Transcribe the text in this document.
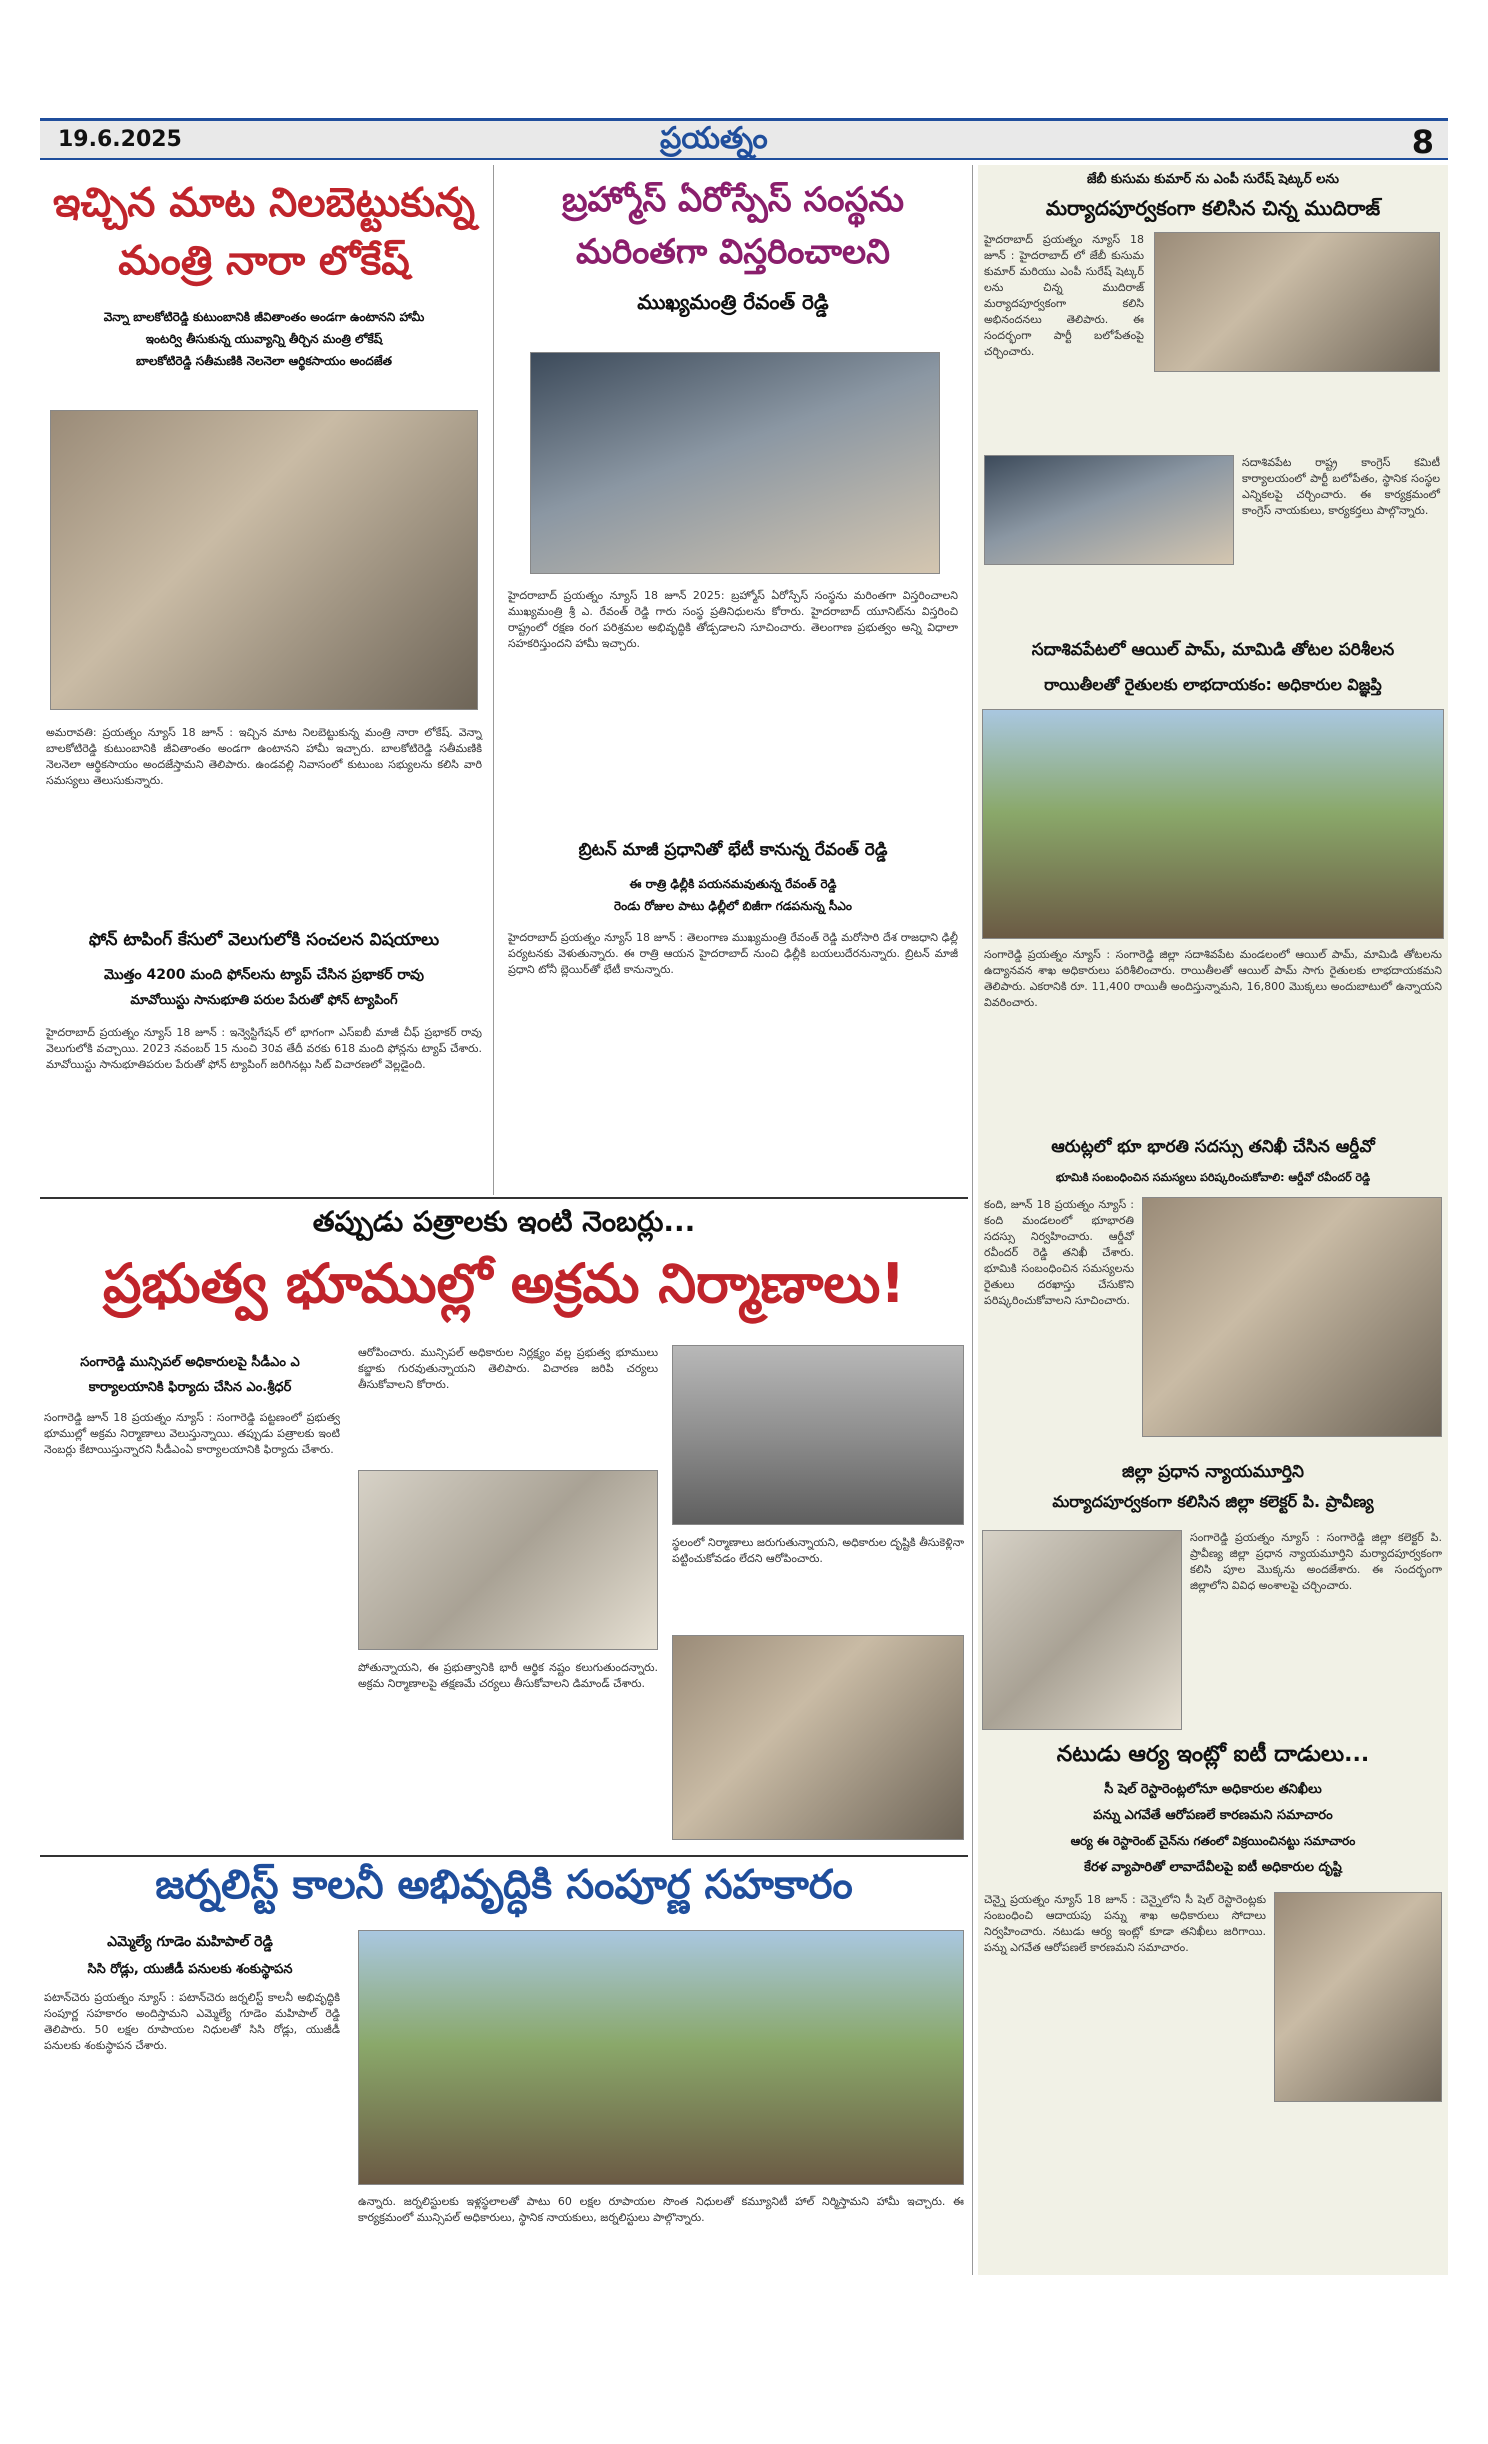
19.6.2025	ప్రయత్నం	8
ఇచ్చిన మాట నిలబెట్టుకున్న
మంత్రి నారా లోకేష్
వెన్నా బాలకోటిరెడ్డి కుటుంబానికి జీవితాంతం అండగా ఉంటానని హామీ
ఇంటర్వి తీసుకున్న యువ్యాన్ని తీర్చిన మంత్రి లోకేష్
బాలకోటిరెడ్డి సతీమణికి నెలనెలా ఆర్థికసాయం అందజేత
అమరావతి: ప్రయత్నం న్యూస్ 18 జూన్ : ఇచ్చిన మాట నిలబెట్టుకున్న మంత్రి నారా లోకేష్. వెన్నా బాలకోటిరెడ్డి కుటుంబానికి జీవితాంతం అండగా ఉంటానని హామీ ఇచ్చారు. బాలకోటిరెడ్డి సతీమణికి నెలనెలా ఆర్థికసాయం అందజేస్తామని తెలిపారు. ఉండవల్లి నివాసంలో కుటుంబ సభ్యులను కలిసి వారి సమస్యలు తెలుసుకున్నారు.
ఫోన్ టాపింగ్ కేసులో వెలుగులోకి సంచలన విషయాలు
మొత్తం 4200 మంది ఫోన్‌లను ట్యాప్ చేసిన ప్రభాకర్ రావు
మావోయిస్టు సానుభూతి పరుల పేరుతో ఫోన్ ట్యాపింగ్
హైదరాబాద్ ప్రయత్నం న్యూస్ 18 జూన్ : ఇన్వెస్టిగేషన్ లో భాగంగా ఎస్ఐబీ మాజీ చీఫ్ ప్రభాకర్ రావు వెలుగులోకి వచ్చాయి. 2023 నవంబర్ 15 నుంచి 30వ తేదీ వరకు 618 మంది ఫోన్లను ట్యాప్ చేశారు. మావోయిస్టు సానుభూతిపరుల పేరుతో ఫోన్ ట్యాపింగ్ జరిగినట్లు సిట్ విచారణలో వెల్లడైంది.
బ్రహ్మోస్ ఏరోస్పేస్ సంస్థను
మరింతగా విస్తరించాలని
ముఖ్యమంత్రి రేవంత్ రెడ్డి
హైదరాబాద్ ప్రయత్నం న్యూస్ 18 జూన్ 2025: బ్రహ్మోస్ ఏరోస్పేస్ సంస్థను మరింతగా విస్తరించాలని ముఖ్యమంత్రి శ్రీ ఎ. రేవంత్ రెడ్డి గారు సంస్థ ప్రతినిధులను కోరారు. హైదరాబాద్ యూనిట్‌ను విస్తరించి రాష్ట్రంలో రక్షణ రంగ పరిశ్రమల అభివృద్ధికి తోడ్పడాలని సూచించారు. తెలంగాణ ప్రభుత్వం అన్ని విధాలా సహకరిస్తుందని హామీ ఇచ్చారు.
బ్రిటన్ మాజీ ప్రధానితో భేటీ కానున్న రేవంత్ రెడ్డి
ఈ రాత్రి ఢిల్లీకి పయనమవుతున్న రేవంత్ రెడ్డి
రెండు రోజుల పాటు ఢిల్లీలో బిజీగా గడపనున్న సీఎం
హైదరాబాద్ ప్రయత్నం న్యూస్ 18 జూన్ : తెలంగాణ ముఖ్యమంత్రి రేవంత్ రెడ్డి మరోసారి దేశ రాజధాని ఢిల్లీ పర్యటనకు వెళుతున్నారు. ఈ రాత్రి ఆయన హైదరాబాద్ నుంచి ఢిల్లీకి బయలుదేరనున్నారు. బ్రిటన్ మాజీ ప్రధాని టోనీ బ్లెయిర్‌తో భేటీ కానున్నారు.
తప్పుడు పత్రాలకు ఇంటి నెంబర్లు...
ప్రభుత్వ భూముల్లో అక్రమ నిర్మాణాలు!
సంగారెడ్డి మున్సిపల్ అధికారులపై సీడీఎం ఎ
కార్యాలయానికి ఫిర్యాదు చేసిన ఎం.శ్రీధర్
సంగారెడ్డి జూన్ 18 ప్రయత్నం న్యూస్ : సంగారెడ్డి పట్టణంలో ప్రభుత్వ భూముల్లో అక్రమ నిర్మాణాలు వెలుస్తున్నాయి. తప్పుడు పత్రాలకు ఇంటి నెంబర్లు కేటాయిస్తున్నారని సీడీఎంఏ కార్యాలయానికి ఫిర్యాదు చేశారు.
ఆరోపించారు. మున్సిపల్ అధికారుల నిర్లక్ష్యం వల్ల ప్రభుత్వ భూములు కబ్జాకు గురవుతున్నాయని తెలిపారు. విచారణ జరిపి చర్యలు తీసుకోవాలని కోరారు.
పోతున్నాయని, ఈ ప్రభుత్వానికి భారీ ఆర్థిక నష్టం కలుగుతుందన్నారు. అక్రమ నిర్మాణాలపై తక్షణమే చర్యలు తీసుకోవాలని డిమాండ్ చేశారు.
స్థలంలో నిర్మాణాలు జరుగుతున్నాయని, అధికారుల దృష్టికి తీసుకెళ్లినా పట్టించుకోవడం లేదని ఆరోపించారు.
జర్నలిస్ట్ కాలనీ అభివృద్ధికి సంపూర్ణ సహకారం
ఎమ్మెల్యే గూడెం మహిపాల్ రెడ్డి
సిసి రోడ్లు, యుజీడీ పనులకు శంకుస్థాపన
పటాన్‌చెరు ప్రయత్నం న్యూస్ : పటాన్‌చెరు జర్నలిస్ట్ కాలనీ అభివృద్ధికి సంపూర్ణ సహకారం అందిస్తామని ఎమ్మెల్యే గూడెం మహిపాల్ రెడ్డి తెలిపారు. 50 లక్షల రూపాయల నిధులతో సిసి రోడ్లు, యుజీడీ పనులకు శంకుస్థాపన చేశారు.
ఉన్నారు. జర్నలిస్టులకు ఇళ్లస్థలాలతో పాటు 60 లక్షల రూపాయల సొంత నిధులతో కమ్యూనిటీ హాల్ నిర్మిస్తామని హామీ ఇచ్చారు. ఈ కార్యక్రమంలో మున్సిపల్ అధికారులు, స్థానిక నాయకులు, జర్నలిస్టులు పాల్గొన్నారు.
జేబీ కుసుమ కుమార్ ను ఎంపీ సురేష్ షెట్కర్ లను
మర్యాదపూర్వకంగా కలిసిన చిన్న ముదిరాజ్
హైదరాబాద్ ప్రయత్నం న్యూస్ 18 జూన్ : హైదరాబాద్ లో జేబీ కుసుమ కుమార్ మరియు ఎంపీ సురేష్ షెట్కర్ లను చిన్న ముదిరాజ్ మర్యాదపూర్వకంగా కలిసి అభినందనలు తెలిపారు. ఈ సందర్భంగా పార్టీ బలోపేతంపై చర్చించారు.
సదాశివపేట రాష్ట్ర కాంగ్రెస్ కమిటీ కార్యాలయంలో పార్టీ బలోపేతం, స్థానిక సంస్థల ఎన్నికలపై చర్చించారు. ఈ కార్యక్రమంలో కాంగ్రెస్ నాయకులు, కార్యకర్తలు పాల్గొన్నారు.
సదాశివపేటలో ఆయిల్ పామ్, మామిడి తోటల పరిశీలన
రాయితీలతో రైతులకు లాభదాయకం: అధికారుల విజ్ఞప్తి
సంగారెడ్డి ప్రయత్నం న్యూస్ : సంగారెడ్డి జిల్లా సదాశివపేట మండలంలో ఆయిల్ పామ్, మామిడి తోటలను ఉద్యానవన శాఖ అధికారులు పరిశీలించారు. రాయితీలతో ఆయిల్ పామ్ సాగు రైతులకు లాభదాయకమని తెలిపారు. ఎకరానికి రూ. 11,400 రాయితీ అందిస్తున్నామని, 16,800 మొక్కలు అందుబాటులో ఉన్నాయని వివరించారు.
ఆరుట్లలో భూ భారతి సదస్సు తనిఖీ చేసిన ఆర్డీవో
భూమికి సంబంధించిన సమస్యలు పరిష్కరించుకోవాలి: ఆర్డీవో రవీందర్ రెడ్డి
కంది, జూన్ 18 ప్రయత్నం న్యూస్ : కంది మండలంలో భూభారతి సదస్సు నిర్వహించారు. ఆర్డీవో రవీందర్ రెడ్డి తనిఖీ చేశారు. భూమికి సంబంధించిన సమస్యలను రైతులు దరఖాస్తు చేసుకొని పరిష్కరించుకోవాలని సూచించారు.
జిల్లా ప్రధాన న్యాయమూర్తిని
మర్యాదపూర్వకంగా కలిసిన జిల్లా కలెక్టర్ పి. ప్రావీణ్య
సంగారెడ్డి ప్రయత్నం న్యూస్ : సంగారెడ్డి జిల్లా కలెక్టర్ పి. ప్రావీణ్య జిల్లా ప్రధాన న్యాయమూర్తిని మర్యాదపూర్వకంగా కలిసి పూల మొక్కను అందజేశారు. ఈ సందర్భంగా జిల్లాలోని వివిధ అంశాలపై చర్చించారు.
నటుడు ఆర్య ఇంట్లో ఐటీ దాడులు...
సీ షెల్ రెస్టారెంట్లలోనూ అధికారుల తనిఖీలు
పన్ను ఎగవేతే ఆరోపణలే కారణమని సమాచారం
ఆర్య ఈ రెస్టారెంట్ చైన్‌ను గతంలో విక్రయించినట్టు సమాచారం
కేరళ వ్యాపారితో లావాదేవీలపై ఐటీ అధికారుల దృష్టి
చెన్నై ప్రయత్నం న్యూస్ 18 జూన్ : చెన్నైలోని సీ షెల్ రెస్టారెంట్లకు సంబంధించి ఆదాయపు పన్ను శాఖ అధికారులు సోదాలు నిర్వహించారు. నటుడు ఆర్య ఇంట్లో కూడా తనిఖీలు జరిగాయి. పన్ను ఎగవేత ఆరోపణలే కారణమని సమాచారం.
